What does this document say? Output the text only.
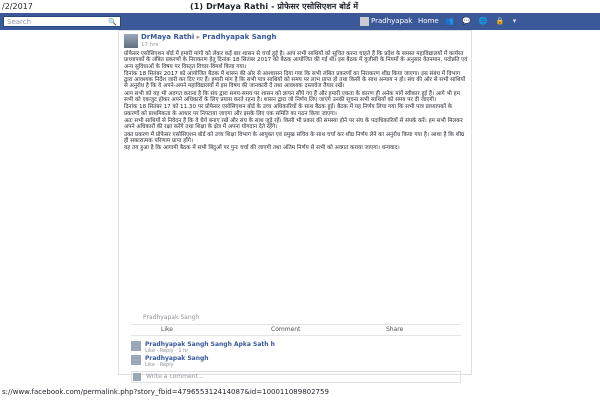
/2/2017	(1) DrMaya Rathi - प्रोफेसर एसोसिएशन बोर्ड में
Search	🔍	Pradhyapak Home 👥 💬 🌐 🔒 ▾
DrMaya Rathi ▸ Pradhyapak Sangh
17 hrs

प्रोफेसर एसोसिएशन बोर्ड में हमारी मांगो को लेकर कई बार शासन से चर्चा हुई है। आप सभी साथियों को सूचित करना चाहते हैं कि प्रदेश के समस्त महाविद्यालयों में कार्यरत प्राध्यापकों के लंबित प्रकरणों के निराकरण हेतु दिनांक 18 सितंबर 2017 को बैठक आयोजित की गई थी। इस बैठक में यूजीसी के नियमों के अनुसार वेतनमान, पदोन्नति एवं अन्य सुविधाओं के विषय पर विस्तृत विचार-विमर्श किया गया।

दिनांक 18 सितंबर 2017 को आयोजित बैठक में शासन की ओर से आश्वासन दिया गया कि सभी लंबित प्रकरणों का निराकरण शीघ्र किया जाएगा। इस संबंध में विभाग द्वारा आवश्यक निर्देश जारी कर दिए गए हैं। हमारी मांग है कि सभी पात्र साथियों को समय पर लाभ प्राप्त हो तथा किसी के साथ अन्याय न हो। संघ की ओर से सभी साथियों से अनुरोध है कि वे अपने-अपने महाविद्यालयों में इस विषय की जानकारी दें तथा आवश्यक दस्तावेज तैयार रखें।

आप सभी को यह भी अवगत कराना है कि संघ द्वारा समय-समय पर शासन को ज्ञापन सौंपे गए हैं और हमारी एकता के कारण ही अनेक मांगें स्वीकार हुई हैं। आगे भी हम सभी को एकजुट होकर अपने अधिकारों के लिए प्रयास करते रहना है। शासन द्वारा जो निर्णय लिए जाएंगे उनकी सूचना सभी साथियों को समय पर दी जाएगी।

दिनांक 18 सितंबर 17 को 11.30 पर प्रोफेसर एसोसिएशन बोर्ड के उच्च अधिकारियों के साथ बैठक हुई। बैठक में यह निर्णय लिया गया कि सभी पात्र प्राध्यापकों के प्रकरणों को प्राथमिकता के आधार पर निपटाया जाएगा और इसके लिए एक समिति का गठन किया जाएगा।

अतः सभी साथियों से निवेदन है कि वे धैर्य बनाए रखें और संघ के साथ जुड़े रहें। किसी भी प्रकार की समस्या होने पर संघ के पदाधिकारियों से संपर्क करें। हम सभी मिलकर अपने अधिकारों की रक्षा करेंगे तथा शिक्षा के क्षेत्र में अपना योगदान देते रहेंगे।

उक्त प्रकरण में प्रोफेसर एसोसिएशन बोर्ड को उच्च शिक्षा विभाग के आयुक्त एवं प्रमुख सचिव के साथ चर्चा कर शीघ्र निर्णय लेने का अनुरोध किया गया है। आशा है कि शीघ्र ही सकारात्मक परिणाम प्राप्त होंगे।

यह तय हुआ है कि आगामी बैठक में सभी बिंदुओं पर पुनः चर्चा की जाएगी तथा अंतिम निर्णय से सभी को अवगत कराया जाएगा। धन्यवाद।

Pradhyapak Sangh
Like	Comment	Share
Pradhyapak Sangh Sangh Apka Sath h
Like · Reply · 1 hr
Pradhyapak Sangh
Like · Reply
Write a comment...
s://www.facebook.com/permalink.php?story_fbid=479655312414087&id=100011089802759
